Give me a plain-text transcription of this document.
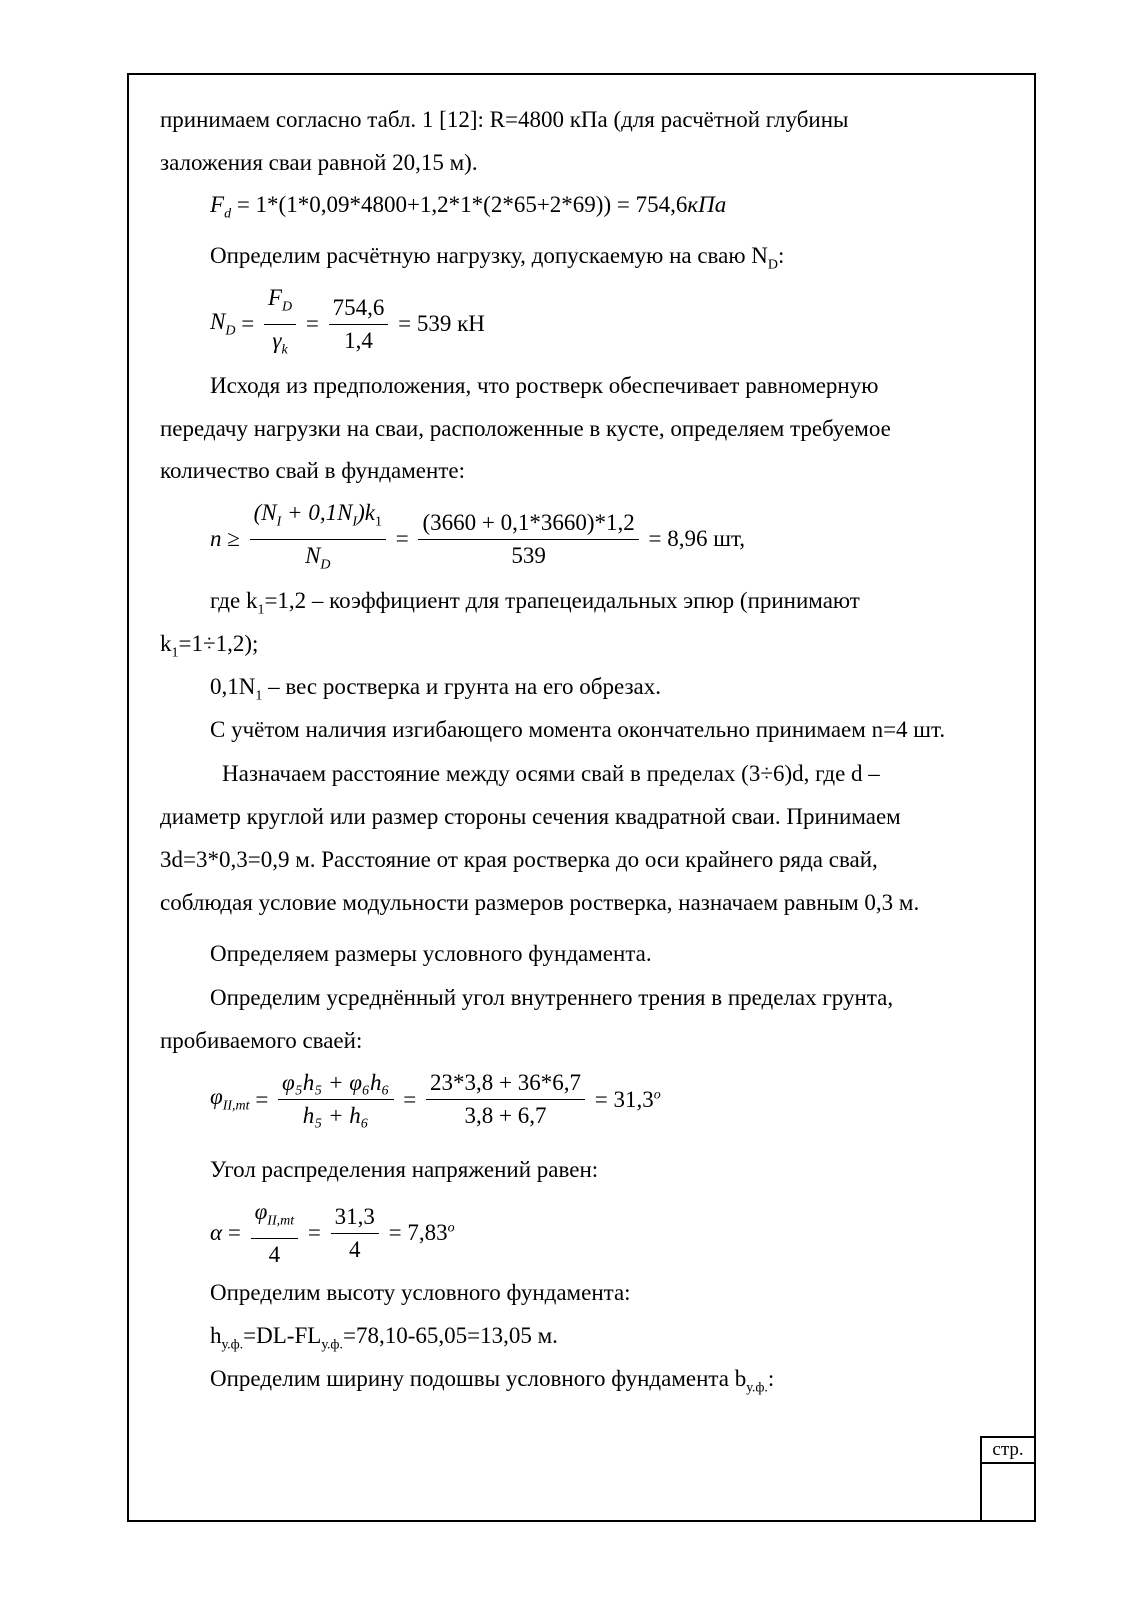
стр.
принимаем согласно табл. 1 [12]: R=4800 кПа (для расчётной глубины
заложения сваи равной 20,15 м).
$F_d = 1*(1*0,09*4800+1,2*1*(2*65+2*69)) = 754,6кПа$
Определим расчётную нагрузку, допускаемую на сваю $N_D$:
$N_D = \frac{F_D}{\gamma_k} = \frac{754,6}{1,4} = 539$ кН
Исходя из предположения, что ростверк обеспечивает равномерную
передачу нагрузки на сваи, расположенные в кусте, определяем требуемое
количество свай в фундаменте:
$n \ge \frac{(N_I + 0,1N_I)k_1}{N_D} = \frac{(3660 + 0,1*3660)*1,2}{539} = 8,96$ шт,
где $k_1=1,2$ – коэффициент для трапецеидальных эпюр (принимают
$k_1=1\div 1,2$);
$0,1N_1$ – вес ростверка и грунта на его обрезах.
С учётом наличия изгибающего момента окончательно принимаем n=4 шт.
Назначаем расстояние между осями свай в пределах (3÷6)d, где d –
диаметр круглой или размер стороны сечения квадратной сваи. Принимаем
3d=3*0,3=0,9 м. Расстояние от края ростверка до оси крайнего ряда свай,
соблюдая условие модульности размеров ростверка, назначаем равным 0,3 м.
Определяем размеры условного фундамента.
Определим усреднённый угол внутреннего трения в пределах грунта,
пробиваемого сваей:
$\varphi_{II,mt} = \frac{\text{φ₅h₅ + φ₆h₆}}{\text{h₅ + h₆}} = \frac{23*3,8 + 36*6,7}{3,8 + 6,7} = 31,3^o$
Угол распределения напряжений равен:
$\alpha = \frac{\varphi_{II,mt}}{4} = \frac{31,3}{4} = 7,83^o$
Определим высоту условного фундамента:
$h_{у.ф.}=DL-FL_{у.ф.}=78,10-65,05=13,05$ м.
Определим ширину подошвы условного фундамента $b_{у.ф.}$:
